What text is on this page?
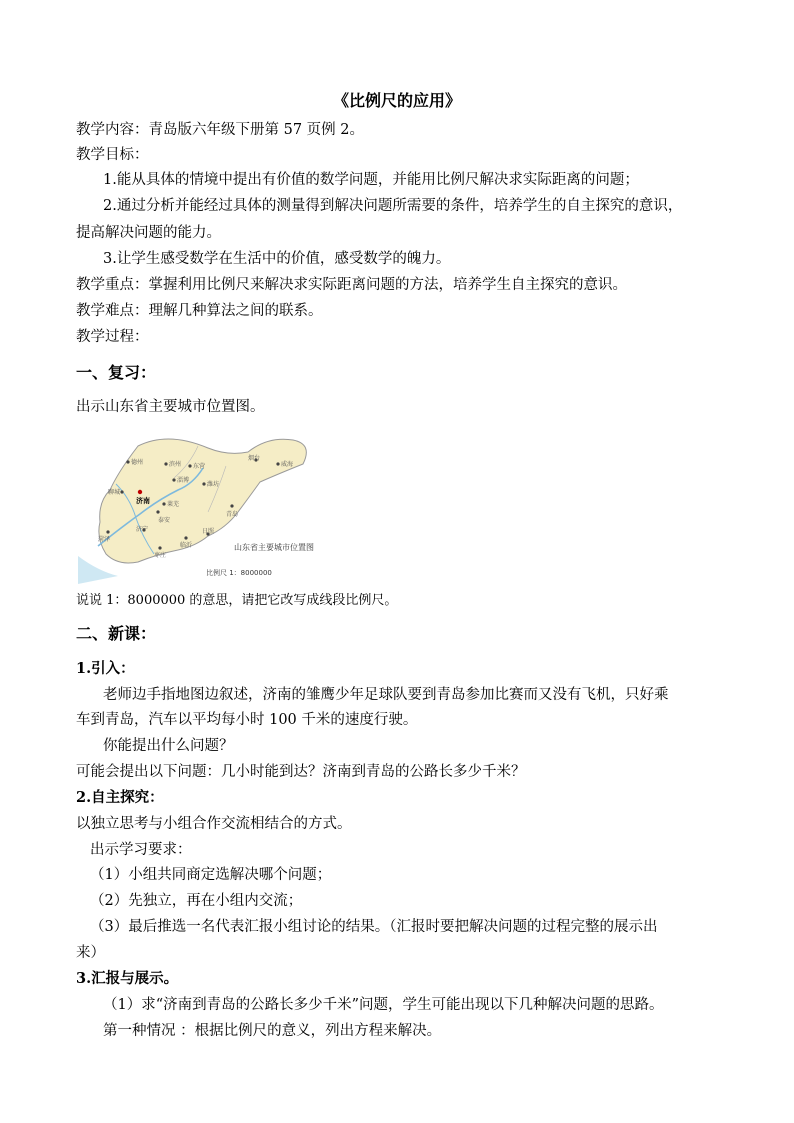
《比例尺的应用》
教学内容：青岛版六年级下册第 57 页例 2。
教学目标：
1.能从具体的情境中提出有价值的数学问题，并能用比例尺解决求实际距离的问题；
2.通过分析并能经过具体的测量得到解决问题所需要的条件，培养学生的自主探究的意识，
提高解决问题的能力。
3.让学生感受数学在生活中的价值，感受数学的魄力。
教学重点：掌握利用比例尺来解决求实际距离问题的方法，培养学生自主探究的意识。
教学难点：理解几种算法之间的联系。
教学过程：
一、复习：
出示山东省主要城市位置图。
德州	滨州 东营
烟台
威海
聊城
淄博
潍坊
济南	莱芜
泰安
青岛
济宁
菏泽
枣庄
日照
临沂	山东省主要城市位置图
比例尺 1：8000000
说说 1：8000000 的意思，请把它改写成线段比例尺。
二、新课：
1.引入：
老师边手指地图边叙述，济南的雏鹰少年足球队要到青岛参加比赛而又没有飞机，只好乘
车到青岛，汽车以平均每小时 100 千米的速度行驶。
你能提出什么问题？
可能会提出以下问题：几小时能到达？济南到青岛的公路长多少千米？
2.自主探究：
以独立思考与小组合作交流相结合的方式。
出示学习要求：
（1）小组共同商定选解决哪个问题；
（2）先独立，再在小组内交流；
（3）最后推选一名代表汇报小组讨论的结果。（汇报时要把解决问题的过程完整的展示出
来）
3.汇报与展示。
（1）求“济南到青岛的公路长多少千米”问题，学生可能出现以下几种解决问题的思路。
第一种情况 ：根据比例尺的意义，列出方程来解决。
